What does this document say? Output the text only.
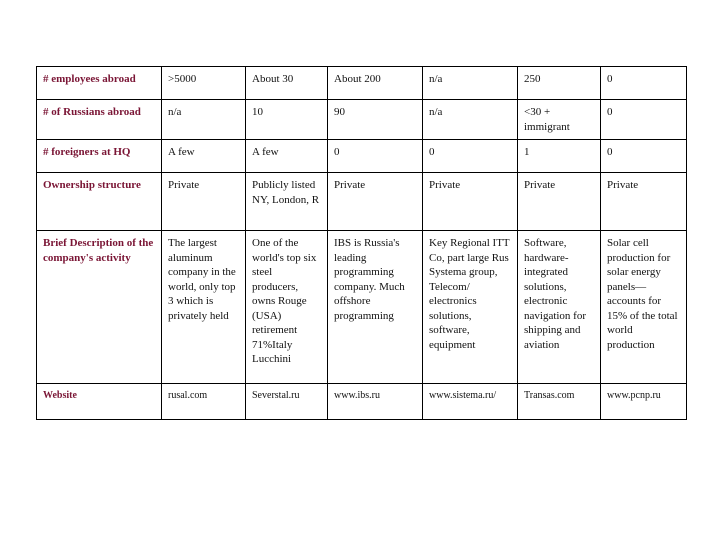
# employees abroad	>5000	About 30	About 200	n/a	250	0
# of Russians abroad	n/a	10	90	n/a	<30 + immigrant	0
# foreigners at HQ	A few	A few	0	0	1	0
Ownership structure	Private	Publicly listed NY, London, R	Private	Private	Private	Private
Brief Description of the company's activity	The largest aluminum company in the world, only top 3 which is privately held	One of the world's top six steel producers, owns Rouge (USA) retirement 71%Italy Lucchini	IBS is Russia's leading programming company. Much offshore programming	Key Regional ITT Co, part large Rus Systema group, Telecom/ electronics solutions, software, equipment	Software, hardware-integrated solutions, electronic navigation for shipping and aviation	Solar cell production for solar energy panels—accounts for 15% of the total world production
Website	rusal.com	Severstal.ru	www.ibs.ru	www.sistema.ru/	Transas.com	www.pcnp.ru
